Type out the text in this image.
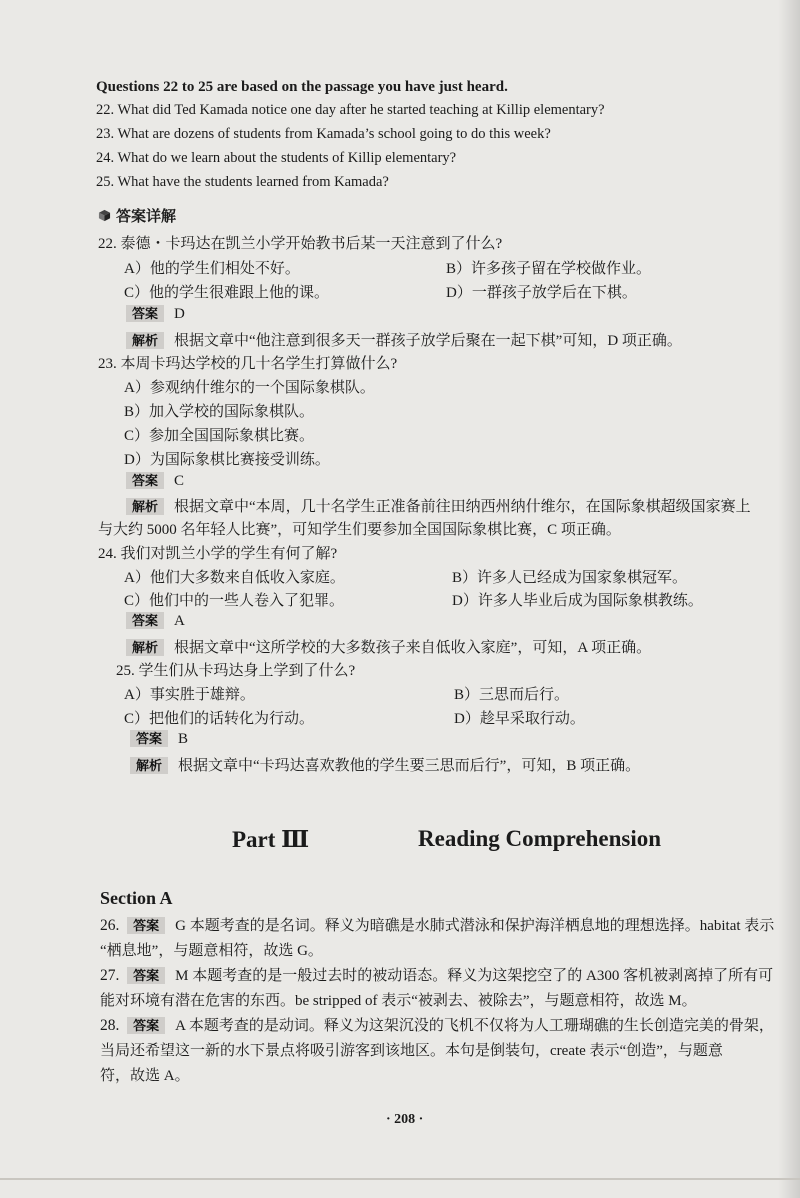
Questions 22 to 25 are based on the passage you have just heard.
22. What did Ted Kamada notice one day after he started teaching at Killip elementary?
23. What are dozens of students from Kamada’s school going to do this week?
24. What do we learn about the students of Killip elementary?
25. What have the students learned from Kamada?
答案详解
22. 泰德・卡玛达在凯兰小学开始教书后某一天注意到了什么?
A）他的学生们相处不好。	B）许多孩子留在学校做作业。
C）他的学生很难跟上他的课。	D）一群孩子放学后在下棋。
答案 D
解析 根据文章中“他注意到很多天一群孩子放学后聚在一起下棋”可知，D 项正确。
23. 本周卡玛达学校的几十名学生打算做什么?
A）参观纳什维尔的一个国际象棋队。
B）加入学校的国际象棋队。
C）参加全国国际象棋比赛。
D）为国际象棋比赛接受训练。
答案 C
解析 根据文章中“本周，几十名学生正准备前往田纳西州纳什维尔，在国际象棋超级国家赛上
与大约 5000 名年轻人比赛”，可知学生们要参加全国国际象棋比赛，C 项正确。
24. 我们对凯兰小学的学生有何了解?
A）他们大多数来自低收入家庭。	B）许多人已经成为国家象棋冠军。
C）他们中的一些人卷入了犯罪。	D）许多人毕业后成为国际象棋教练。
答案 A
解析 根据文章中“这所学校的大多数孩子来自低收入家庭”，可知，A 项正确。
25. 学生们从卡玛达身上学到了什么?
A）事实胜于雄辩。	B）三思而后行。
C）把他们的话转化为行动。	D）趁早采取行动。
答案 B
解析 根据文章中“卡玛达喜欢教他的学生要三思而后行”，可知，B 项正确。
Part Ⅲ	Reading Comprehension
Section A
26. 答案 G 本题考查的是名词。释义为暗礁是水肺式潜泳和保护海洋栖息地的理想选择。habitat 表示
“栖息地”，与题意相符，故选 G。
27. 答案 M 本题考查的是一般过去时的被动语态。释义为这架挖空了的 A300 客机被剥离掉了所有可
能对环境有潜在危害的东西。be stripped of 表示“被剥去、被除去”，与题意相符，故选 M。
28. 答案 A 本题考查的是动词。释义为这架沉没的飞机不仅将为人工珊瑚礁的生长创造完美的骨架，
当局还希望这一新的水下景点将吸引游客到该地区。本句是倒装句，create 表示“创造”，与题意
符，故选 A。
· 208 ·
